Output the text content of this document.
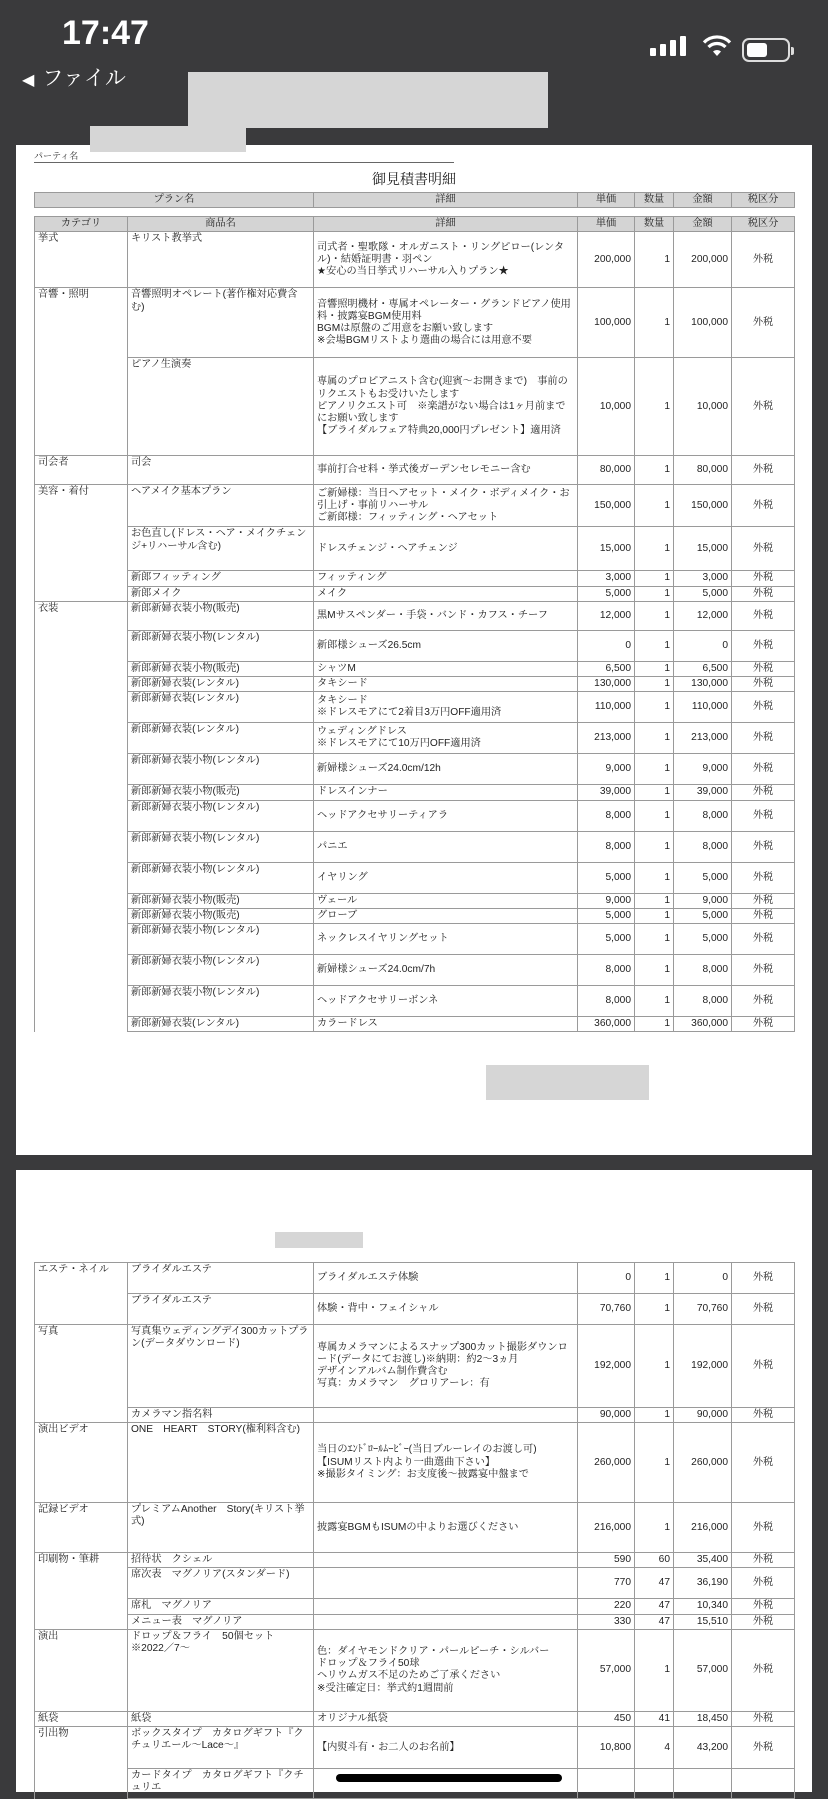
17:47
◀ ファイル
パーティ名
御見積書明細
プラン名		詳細	単価	数量	金額	税区分

カテゴリ	商品名	詳細	単価	数量	金額	税区分
挙式	キリスト教挙式	司式者・聖歌隊・オルガニスト・リングピロー(レンタル)・結婚証明書・羽ペン
★安心の当日挙式リハーサル入りプラン★	200,000	1	200,000	外税
音響・照明	音響照明オペレート(著作権対応費含む)	音響照明機材・専属オペレーター・グランドピアノ使用料・披露宴BGM使用料
BGMは原盤のご用意をお願い致します
※会場BGMリストより選曲の場合には用意不要	100,000	1	100,000	外税
	ピアノ生演奏	専属のプロピアニスト含む(迎賓～お開きまで)　事前のリクエストもお受けいたします
ピアノリクエスト可　※楽譜がない場合は1ヶ月前までにお願い致します
【ブライダルフェア特典20,000円プレゼント】適用済	10,000	1	10,000	外税
司会者	司会	事前打合せ料・挙式後ガーデンセレモニー含む	80,000	1	80,000	外税
美容・着付	ヘアメイク基本プラン	ご新婦様：当日ヘアセット・メイク・ボディメイク・お引上げ・事前リハーサル
ご新郎様：フィッティング・ヘアセット	150,000	1	150,000	外税
	お色直し(ドレス・ヘア・メイクチェンジ+リハーサル含む)	ドレスチェンジ・ヘアチェンジ	15,000	1	15,000	外税
	新郎フィッティング	フィッティング	3,000	1	3,000	外税
	新郎メイク	メイク	5,000	1	5,000	外税
衣装	新郎新婦衣装小物(販売)	黒Mサスペンダー・手袋・バンド・カフス・チーフ	12,000	1	12,000	外税
	新郎新婦衣装小物(レンタル)	新郎様シューズ26.5cm	0	1	0	外税
	新郎新婦衣装小物(販売)	シャツM	6,500	1	6,500	外税
	新郎新婦衣装(レンタル)	タキシード	130,000	1	130,000	外税
	新郎新婦衣装(レンタル)	タキシード
※ドレスモアにて2着目3万円OFF適用済	110,000	1	110,000	外税
	新郎新婦衣装(レンタル)	ウェディングドレス
※ドレスモアにて10万円OFF適用済	213,000	1	213,000	外税
	新郎新婦衣装小物(レンタル)	新婦様シューズ24.0cm/12h	9,000	1	9,000	外税
	新郎新婦衣装小物(販売)	ドレスインナー	39,000	1	39,000	外税
	新郎新婦衣装小物(レンタル)	ヘッドアクセサリーティアラ	8,000	1	8,000	外税
	新郎新婦衣装小物(レンタル)	パニエ	8,000	1	8,000	外税
	新郎新婦衣装小物(レンタル)	イヤリング	5,000	1	5,000	外税
	新郎新婦衣装小物(販売)	ヴェール	9,000	1	9,000	外税
	新郎新婦衣装小物(販売)	グローブ	5,000	1	5,000	外税
	新郎新婦衣装小物(レンタル)	ネックレスイヤリングセット	5,000	1	5,000	外税
	新郎新婦衣装小物(レンタル)	新婦様シューズ24.0cm/7h	8,000	1	8,000	外税
	新郎新婦衣装小物(レンタル)	ヘッドアクセサリーボンネ	8,000	1	8,000	外税
	新郎新婦衣装(レンタル)	カラードレス	360,000	1	360,000	外税
エステ・ネイル	ブライダルエステ	ブライダルエステ体験	0	1	0	外税
	ブライダルエステ	体験・背中・フェイシャル	70,760	1	70,760	外税
写真	写真集ウェディングデイ300カットプラン(データダウンロード)	専属カメラマンによるスナップ300カット撮影ダウンロード(データにてお渡し)※納期：約2～3ヵ月
デザインアルバム制作費含む
写真：カメラマン　グロリアーレ：有	192,000	1	192,000	外税
	カメラマン指名料		90,000	1	90,000	外税
演出ビデオ	ONE　HEART　STORY(権利料含む)	当日のｴﾝﾄﾞﾛｰﾙﾑｰﾋﾞｰ(当日ブルーレイのお渡し可)
【ISUMリスト内より一曲選曲下さい】
※撮影タイミング：お支度後～披露宴中盤まで	260,000	1	260,000	外税
記録ビデオ	プレミアムAnother　Story(キリスト挙式)	披露宴BGMもISUMの中よりお選びください	216,000	1	216,000	外税
印刷物・筆耕	招待状　クシェル		590	60	35,400	外税
	席次表　マグノリア(スタンダード)		770	47	36,190	外税
	席札　マグノリア		220	47	10,340	外税
	メニュー表　マグノリア		330	47	15,510	外税
演出	ドロップ＆フライ　50個セット　※2022／7～	色：ダイヤモンドクリア・パールピーチ・シルバー
ドロップ＆フライ50球
ヘリウムガス不足のためご了承ください
※受注確定日：挙式約1週間前	57,000	1	57,000	外税
紙袋	紙袋	オリジナル紙袋	450	41	18,450	外税
引出物	ボックスタイプ　カタログギフト『クチュリエール～Lace～』	【内熨斗有・お二人のお名前】	10,800	4	43,200	外税
	カードタイプ　カタログギフト『クチュリエ					
